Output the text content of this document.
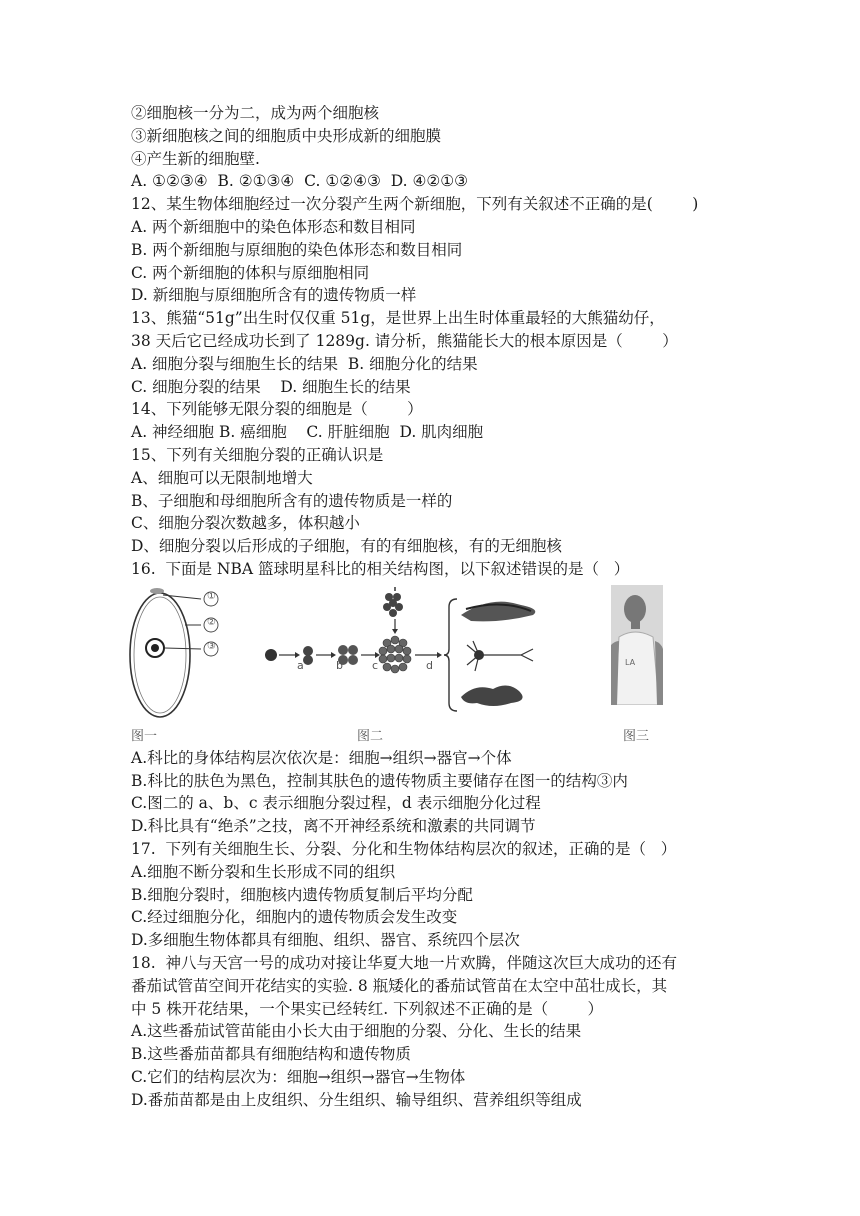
②细胞核一分为二，成为两个细胞核
③新细胞核之间的细胞质中央形成新的细胞膜
④产生新的细胞壁.
A. ①②③④  B. ②①③④  C. ①②④③  D. ④②①③
12、某生物体细胞经过一次分裂产生两个新细胞，下列有关叙述不正确的是(        )
A. 两个新细胞中的染色体形态和数目相同
B. 两个新细胞与原细胞的染色体形态和数目相同
C. 两个新细胞的体积与原细胞相同
D. 新细胞与原细胞所含有的遗传物质一样
13、熊猫“51g”出生时仅仅重 51g，是世界上出生时体重最轻的大熊猫幼仔，
38 天后它已经成功长到了 1289g. 请分析，熊猫能长大的根本原因是（        ）
A. 细胞分裂与细胞生长的结果  B. 细胞分化的结果
C. 细胞分裂的结果    D. 细胞生长的结果
14、下列能够无限分裂的细胞是（        ）
A. 神经细胞 B. 癌细胞    C. 肝脏细胞  D. 肌肉细胞
15、下列有关细胞分裂的正确认识是
A、细胞可以无限制地增大
B、子细胞和母细胞所含有的遗传物质是一样的
C、细胞分裂次数越多，体积越小
D、细胞分裂以后形成的子细胞，有的有细胞核，有的无细胞核
16.  下面是 NBA 篮球明星科比的相关结构图，以下叙述错误的是（   ）
①
②
③
图一
a	b	c	d
图二
LA
图三
A.科比的身体结构层次依次是：细胞→组织→器官→个体
B.科比的肤色为黑色，控制其肤色的遗传物质主要储存在图一的结构③内
C.图二的 a、b、c 表示细胞分裂过程，d 表示细胞分化过程
D.科比具有“绝杀”之技，离不开神经系统和激素的共同调节
17.  下列有关细胞生长、分裂、分化和生物体结构层次的叙述，正确的是（   ）
A.细胞不断分裂和生长形成不同的组织
B.细胞分裂时，细胞核内遗传物质复制后平均分配
C.经过细胞分化，细胞内的遗传物质会发生改变
D.多细胞生物体都具有细胞、组织、器官、系统四个层次
18.  神八与天宫一号的成功对接让华夏大地一片欢腾，伴随这次巨大成功的还有
番茄试管苗空间开花结实的实验. 8 瓶矮化的番茄试管苗在太空中茁壮成长，其
中 5 株开花结果，一个果实已经转红. 下列叙述不正确的是（        ）
A.这些番茄试管苗能由小长大由于细胞的分裂、分化、生长的结果
B.这些番茄苗都具有细胞结构和遗传物质
C.它们的结构层次为：细胞→组织→器官→生物体
D.番茄苗都是由上皮组织、分生组织、输导组织、营养组织等组成
